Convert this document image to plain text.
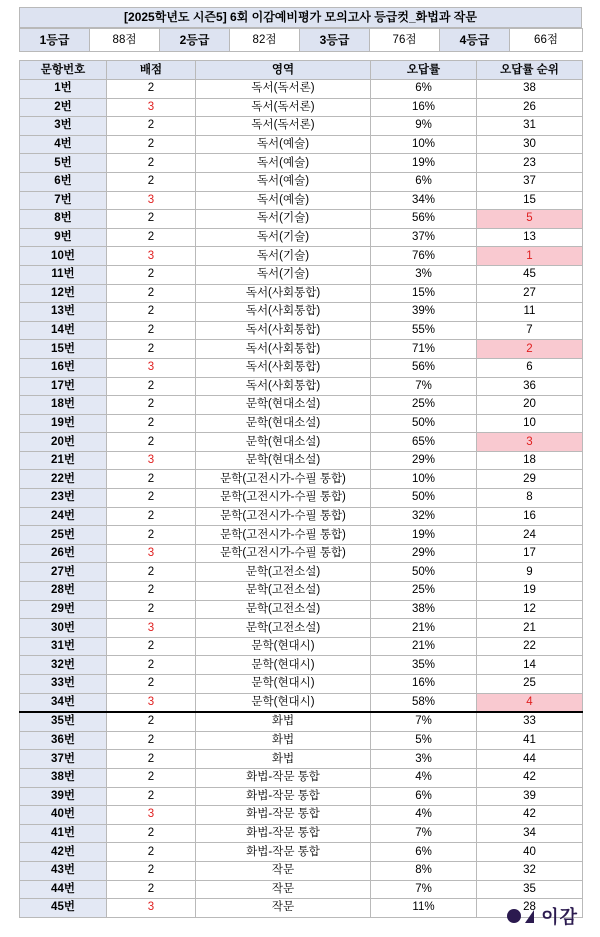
[2025학년도 시즌5] 6회 이감예비평가 모의고사 등급컷_화법과 작문
1등급	88점	2등급	82점	3등급	76점	4등급	66점
문항번호	배점	영역	오답률	오답률 순위
1번	2	독서(독서론)	6%	38
2번	3	독서(독서론)	16%	26
3번	2	독서(독서론)	9%	31
4번	2	독서(예술)	10%	30
5번	2	독서(예술)	19%	23
6번	2	독서(예술)	6%	37
7번	3	독서(예술)	34%	15
8번	2	독서(기술)	56%	5
9번	2	독서(기술)	37%	13
10번	3	독서(기술)	76%	1
11번	2	독서(기술)	3%	45
12번	2	독서(사회통합)	15%	27
13번	2	독서(사회통합)	39%	11
14번	2	독서(사회통합)	55%	7
15번	2	독서(사회통합)	71%	2
16번	3	독서(사회통합)	56%	6
17번	2	독서(사회통합)	7%	36
18번	2	문학(현대소설)	25%	20
19번	2	문학(현대소설)	50%	10
20번	2	문학(현대소설)	65%	3
21번	3	문학(현대소설)	29%	18
22번	2	문학(고전시가-수필 통합)	10%	29
23번	2	문학(고전시가-수필 통합)	50%	8
24번	2	문학(고전시가-수필 통합)	32%	16
25번	2	문학(고전시가-수필 통합)	19%	24
26번	3	문학(고전시가-수필 통합)	29%	17
27번	2	문학(고전소설)	50%	9
28번	2	문학(고전소설)	25%	19
29번	2	문학(고전소설)	38%	12
30번	3	문학(고전소설)	21%	21
31번	2	문학(현대시)	21%	22
32번	2	문학(현대시)	35%	14
33번	2	문학(현대시)	16%	25
34번	3	문학(현대시)	58%	4
35번	2	화법	7%	33
36번	2	화법	5%	41
37번	2	화법	3%	44
38번	2	화법-작문 통합	4%	42
39번	2	화법-작문 통합	6%	39
40번	3	화법-작문 통합	4%	42
41번	2	화법-작문 통합	7%	34
42번	2	화법-작문 통합	6%	40
43번	2	작문	8%	32
44번	2	작문	7%	35
45번	3	작문	11%	28 이감
